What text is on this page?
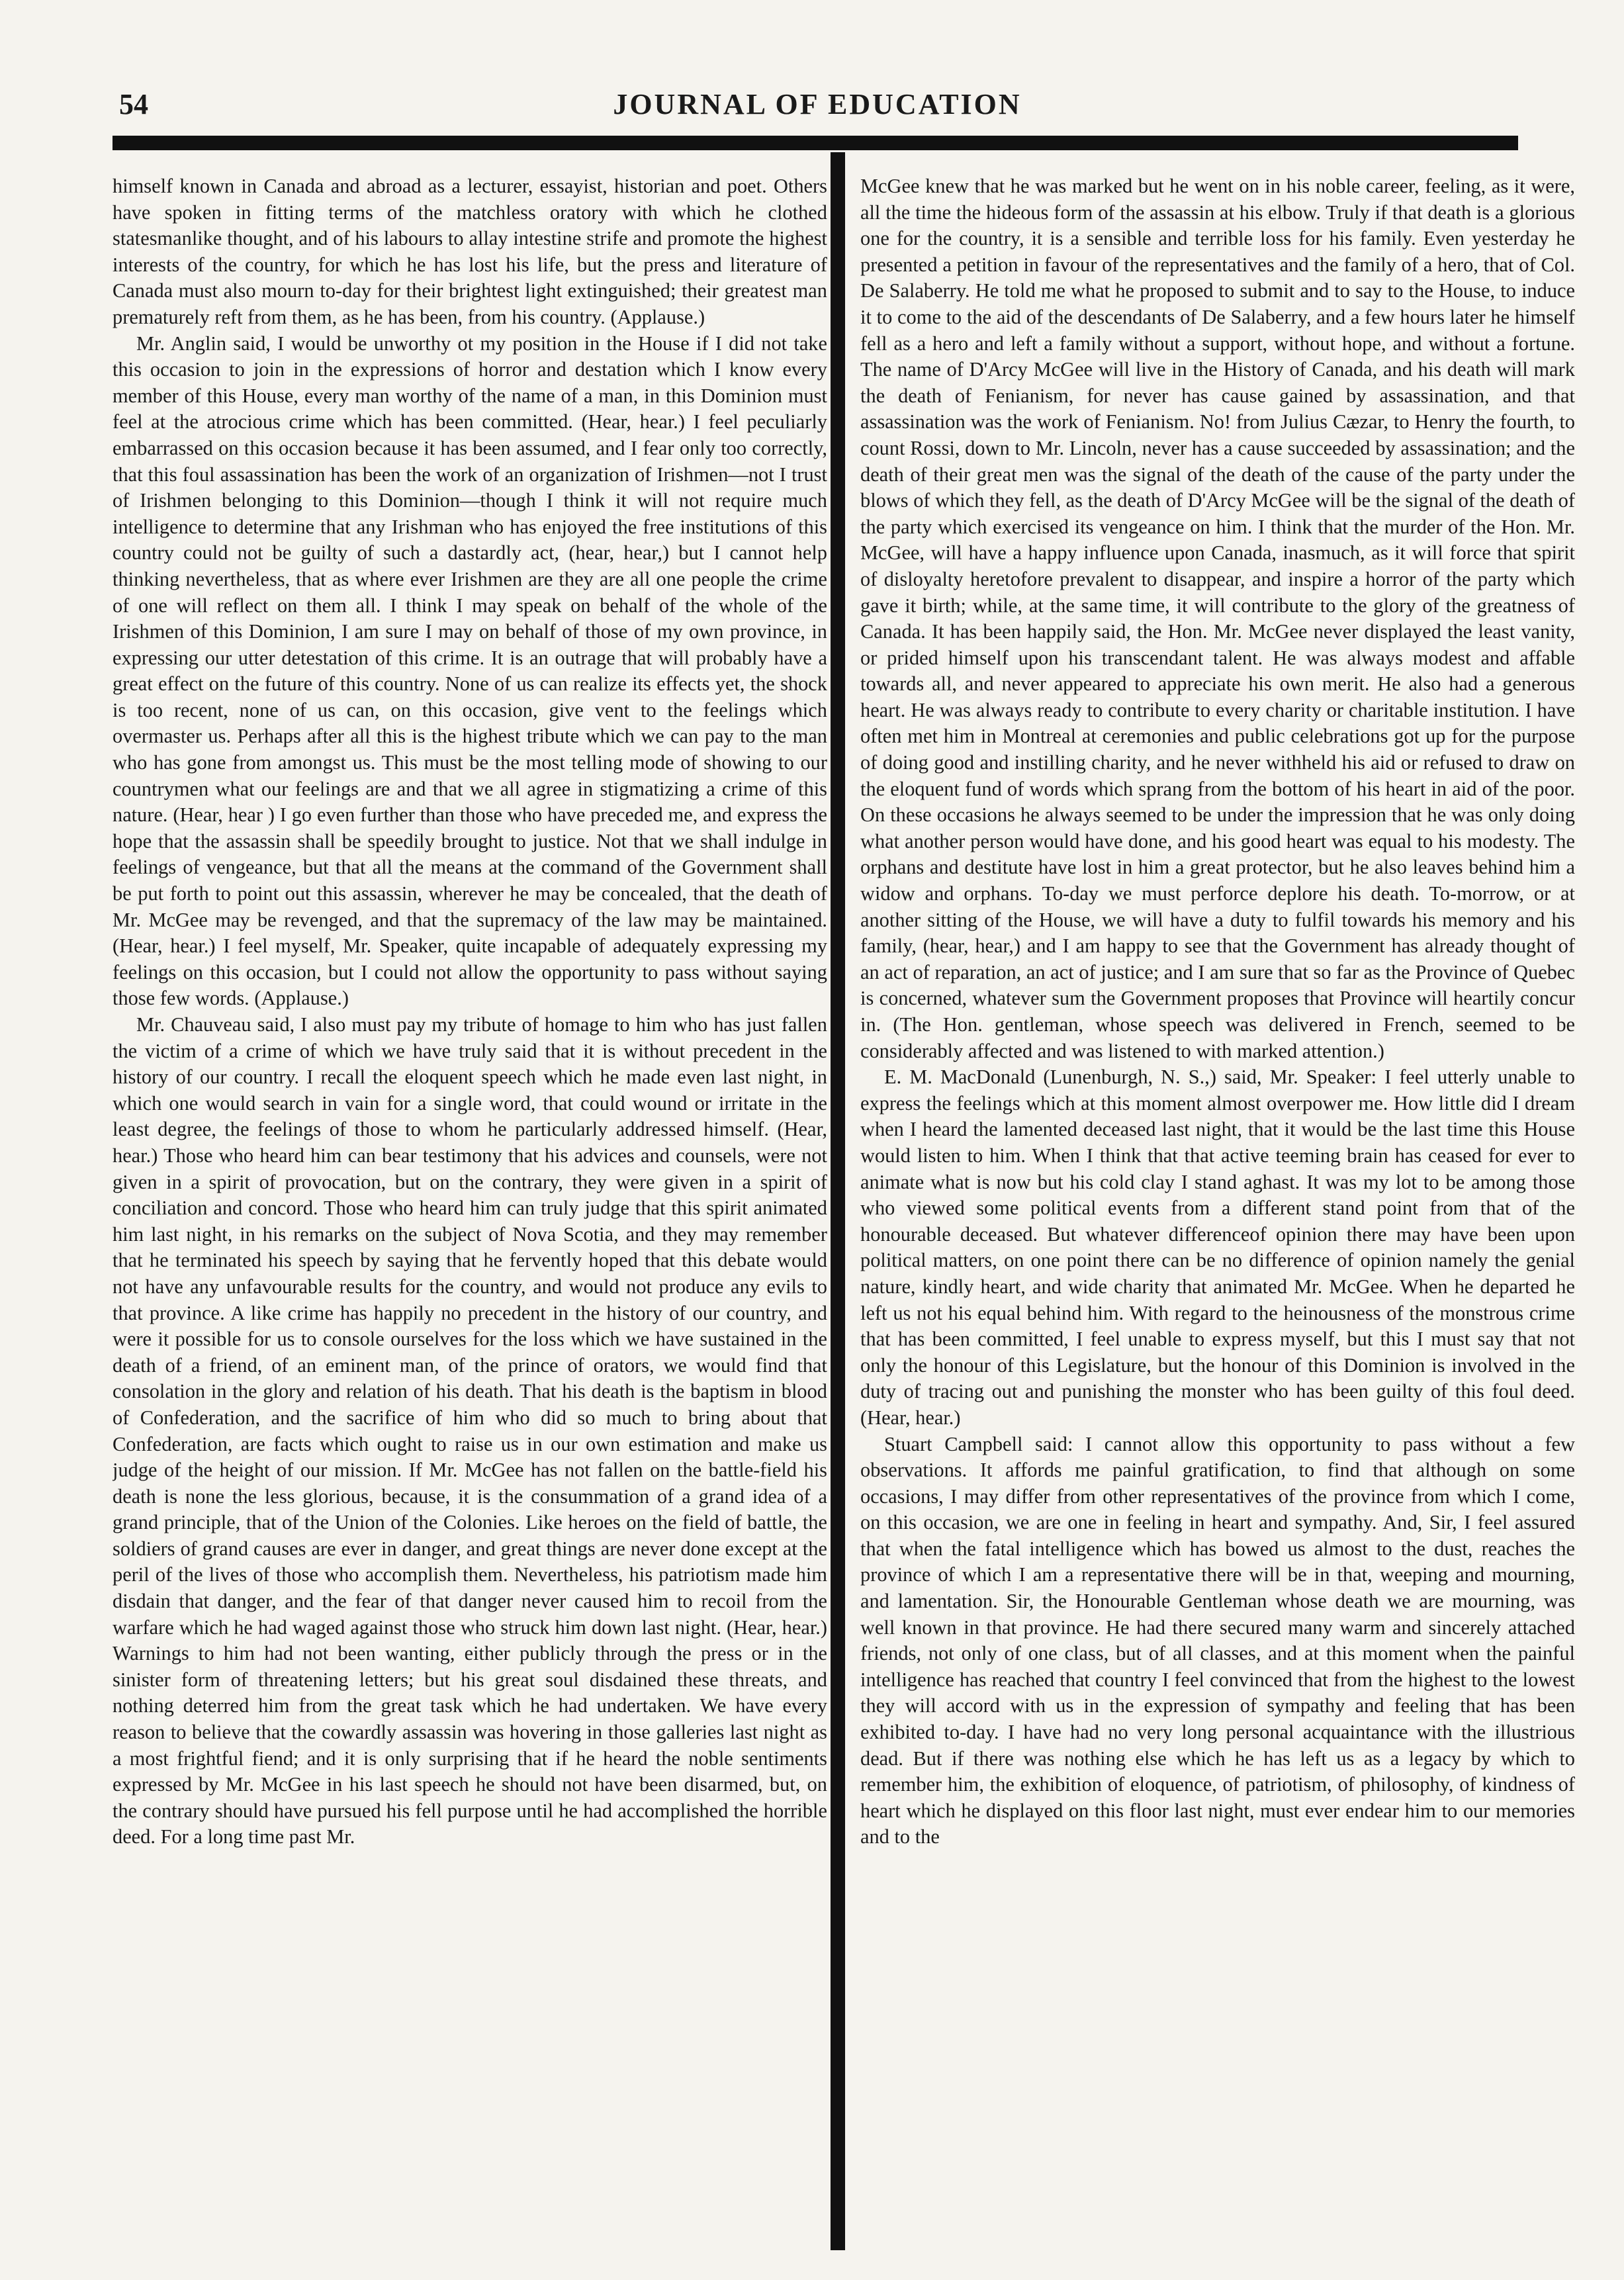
54	JOURNAL OF EDUCATION

himself known in Canada and abroad as a lecturer, essayist, historian and poet. Others have spoken in fitting terms of the matchless oratory with which he clothed statesmanlike thought, and of his labours to allay intestine strife and promote the highest interests of the country, for which he has lost his life, but the press and literature of Canada must also mourn to-day for their brightest light extinguished; their greatest man prematurely reft from them, as he has been, from his country. (Applause.)

Mr. Anglin said, I would be unworthy ot my position in the House if I did not take this occasion to join in the expressions of horror and destation which I know every member of this House, every man worthy of the name of a man, in this Dominion must feel at the atrocious crime which has been committed. (Hear, hear.) I feel peculiarly embarrassed on this occasion because it has been assumed, and I fear only too correctly, that this foul assassination has been the work of an organization of Irishmen—not I trust of Irishmen belonging to this Dominion—though I think it will not require much intelligence to determine that any Irishman who has enjoyed the free institutions of this country could not be guilty of such a dastardly act, (hear, hear,) but I cannot help thinking nevertheless, that as where ever Irishmen are they are all one people the crime of one will reflect on them all. I think I may speak on behalf of the whole of the Irishmen of this Dominion, I am sure I may on behalf of those of my own province, in expressing our utter detestation of this crime. It is an outrage that will probably have a great effect on the future of this country. None of us can realize its effects yet, the shock is too recent, none of us can, on this occasion, give vent to the feelings which overmaster us. Perhaps after all this is the highest tribute which we can pay to the man who has gone from amongst us. This must be the most telling mode of showing to our countrymen what our feelings are and that we all agree in stigmatizing a crime of this nature. (Hear, hear ) I go even further than those who have preceded me, and express the hope that the assassin shall be speedily brought to justice. Not that we shall indulge in feelings of vengeance, but that all the means at the command of the Government shall be put forth to point out this assassin, wherever he may be concealed, that the death of Mr. McGee may be revenged, and that the supremacy of the law may be maintained. (Hear, hear.) I feel myself, Mr. Speaker, quite incapable of adequately expressing my feelings on this occasion, but I could not allow the opportunity to pass without saying those few words. (Applause.)

Mr. Chauveau said, I also must pay my tribute of homage to him who has just fallen the victim of a crime of which we have truly said that it is without precedent in the history of our country. I recall the eloquent speech which he made even last night, in which one would search in vain for a single word, that could wound or irritate in the least degree, the feelings of those to whom he particularly addressed himself. (Hear, hear.) Those who heard him can bear testimony that his advices and counsels, were not given in a spirit of provocation, but on the contrary, they were given in a spirit of conciliation and concord. Those who heard him can truly judge that this spirit animated him last night, in his remarks on the subject of Nova Scotia, and they may remember that he terminated his speech by saying that he fervently hoped that this debate would not have any unfavourable results for the country, and would not produce any evils to that province. A like crime has happily no precedent in the history of our country, and were it possible for us to console ourselves for the loss which we have sustained in the death of a friend, of an eminent man, of the prince of orators, we would find that consolation in the glory and relation of his death. That his death is the baptism in blood of Confederation, and the sacrifice of him who did so much to bring about that Confederation, are facts which ought to raise us in our own estimation and make us judge of the height of our mission. If Mr. McGee has not fallen on the battle-field his death is none the less glorious, because, it is the consummation of a grand idea of a grand principle, that of the Union of the Colonies. Like heroes on the field of battle, the soldiers of grand causes are ever in danger, and great things are never done except at the peril of the lives of those who accomplish them. Nevertheless, his patriotism made him disdain that danger, and the fear of that danger never caused him to recoil from the warfare which he had waged against those who struck him down last night. (Hear, hear.) Warnings to him had not been wanting, either publicly through the press or in the sinister form of threatening letters; but his great soul disdained these threats, and nothing deterred him from the great task which he had undertaken. We have every reason to believe that the cowardly assassin was hovering in those galleries last night as a most frightful fiend; and it is only surprising that if he heard the noble sentiments expressed by Mr. McGee in his last speech he should not have been disarmed, but, on the contrary should have pursued his fell purpose until he had accomplished the horrible deed. For a long time past Mr.

McGee knew that he was marked but he went on in his noble career, feeling, as it were, all the time the hideous form of the assassin at his elbow. Truly if that death is a glorious one for the country, it is a sensible and terrible loss for his family. Even yesterday he presented a petition in favour of the representatives and the family of a hero, that of Col. De Salaberry. He told me what he proposed to submit and to say to the House, to induce it to come to the aid of the descendants of De Salaberry, and a few hours later he himself fell as a hero and left a family without a support, without hope, and without a fortune. The name of D'Arcy McGee will live in the History of Canada, and his death will mark the death of Fenianism, for never has cause gained by assassination, and that assassination was the work of Fenianism. No! from Julius Cæzar, to Henry the fourth, to count Rossi, down to Mr. Lincoln, never has a cause succeeded by assassination; and the death of their great men was the signal of the death of the cause of the party under the blows of which they fell, as the death of D'Arcy McGee will be the signal of the death of the party which exercised its vengeance on him. I think that the murder of the Hon. Mr. McGee, will have a happy influence upon Canada, inasmuch, as it will force that spirit of disloyalty heretofore prevalent to disappear, and inspire a horror of the party which gave it birth; while, at the same time, it will contribute to the glory of the greatness of Canada. It has been happily said, the Hon. Mr. McGee never displayed the least vanity, or prided himself upon his transcendant talent. He was always modest and affable towards all, and never appeared to appreciate his own merit. He also had a generous heart. He was always ready to contribute to every charity or charitable institution. I have often met him in Montreal at ceremonies and public celebrations got up for the purpose of doing good and instilling charity, and he never withheld his aid or refused to draw on the eloquent fund of words which sprang from the bottom of his heart in aid of the poor. On these occasions he always seemed to be under the impression that he was only doing what another person would have done, and his good heart was equal to his modesty. The orphans and destitute have lost in him a great protector, but he also leaves behind him a widow and orphans. To-day we must perforce deplore his death. To-morrow, or at another sitting of the House, we will have a duty to fulfil towards his memory and his family, (hear, hear,) and I am happy to see that the Government has already thought of an act of reparation, an act of justice; and I am sure that so far as the Province of Quebec is concerned, whatever sum the Government proposes that Province will heartily concur in. (The Hon. gentleman, whose speech was delivered in French, seemed to be considerably affected and was listened to with marked attention.)

E. M. MacDonald (Lunenburgh, N. S.,) said, Mr. Speaker: I feel utterly unable to express the feelings which at this moment almost overpower me. How little did I dream when I heard the lamented deceased last night, that it would be the last time this House would listen to him. When I think that that active teeming brain has ceased for ever to animate what is now but his cold clay I stand aghast. It was my lot to be among those who viewed some political events from a different stand point from that of the honourable deceased. But whatever differenceof opinion there may have been upon political matters, on one point there can be no difference of opinion namely the genial nature, kindly heart, and wide charity that animated Mr. McGee. When he departed he left us not his equal behind him. With regard to the heinousness of the monstrous crime that has been committed, I feel unable to express myself, but this I must say that not only the honour of this Legislature, but the honour of this Dominion is involved in the duty of tracing out and punishing the monster who has been guilty of this foul deed. (Hear, hear.)

Stuart Campbell said: I cannot allow this opportunity to pass without a few observations. It affords me painful gratification, to find that although on some occasions, I may differ from other representatives of the province from which I come, on this occasion, we are one in feeling in heart and sympathy. And, Sir, I feel assured that when the fatal intelligence which has bowed us almost to the dust, reaches the province of which I am a representative there will be in that, weeping and mourning, and lamentation. Sir, the Honourable Gentleman whose death we are mourning, was well known in that province. He had there secured many warm and sincerely attached friends, not only of one class, but of all classes, and at this moment when the painful intelligence has reached that country I feel convinced that from the highest to the lowest they will accord with us in the expression of sympathy and feeling that has been exhibited to-day. I have had no very long personal acquaintance with the illustrious dead. But if there was nothing else which he has left us as a legacy by which to remember him, the exhibition of eloquence, of patriotism, of philosophy, of kindness of heart which he displayed on this floor last night, must ever endear him to our memories and to the
